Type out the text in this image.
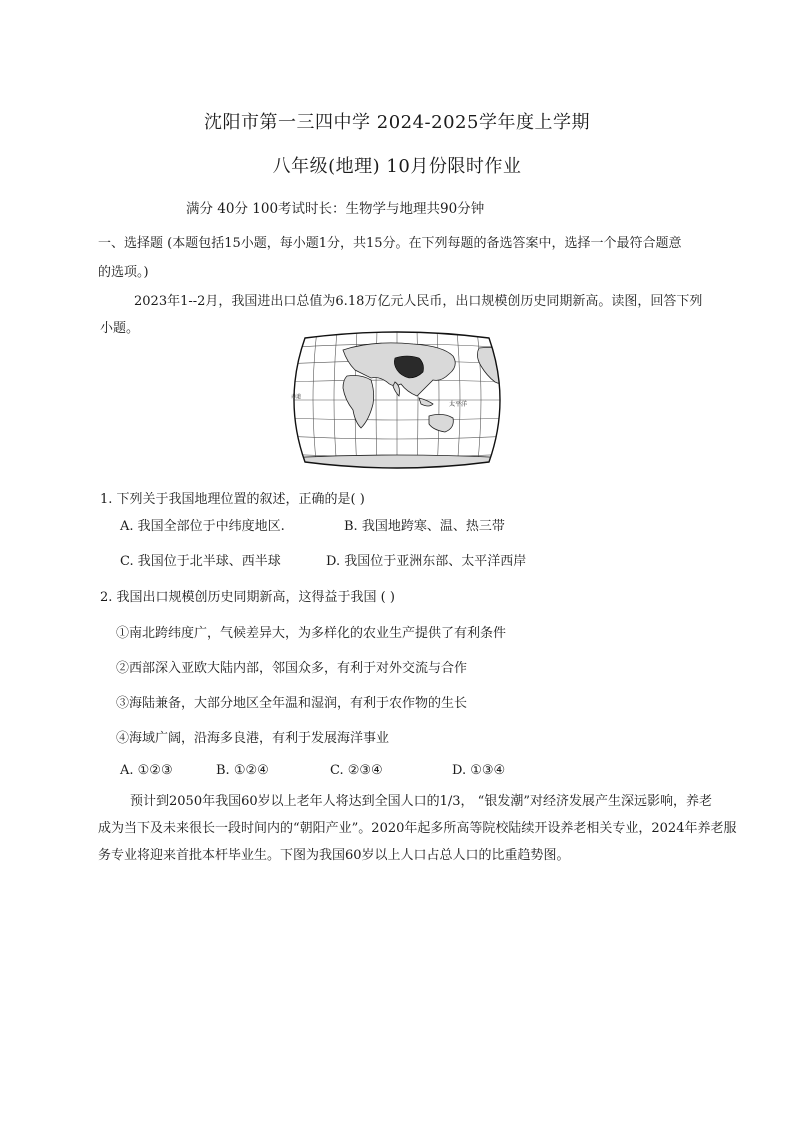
沈阳市第一三四中学 2024-2025学年度上学期
八年级(地理) 10月份限时作业
满分 40分 100考试时长：生物学与地理共90分钟
一、选择题 (本题包括15小题，每小题1分，共15分。在下列每题的备选答案中，选择一个最符合题意
的选项。)
2023年1--2月，我国进出口总值为6.18万亿元人民币，出口规模创历史同期新高。读图，回答下列
小题。
太平洋
赤道
1. 下列关于我国地理位置的叙述，正确的是( )
A. 我国全部位于中纬度地区.	B. 我国地跨寒、温、热三带
C. 我国位于北半球、西半球	D. 我国位于亚洲东部、太平洋西岸
2. 我国出口规模创历史同期新高，这得益于我国 ( )
①南北跨纬度广，气候差异大，为多样化的农业生产提供了有利条件
②西部深入亚欧大陆内部，邻国众多，有利于对外交流与合作
③海陆兼备，大部分地区全年温和湿润，有利于农作物的生长
④海域广阔，沿海多良港，有利于发展海洋事业
A. ①②③	B. ①②④	C. ②③④	D. ①③④
预计到2050年我国60岁以上老年人将达到全国人口的1/3， “银发潮”对经济发展产生深远影响，养老
成为当下及未来很长一段时间内的“朝阳产业”。2020年起多所高等院校陆续开设养老相关专业，2024年养老服
务专业将迎来首批本杆毕业生。下图为我国60岁以上人口占总人口的比重趋势图。
